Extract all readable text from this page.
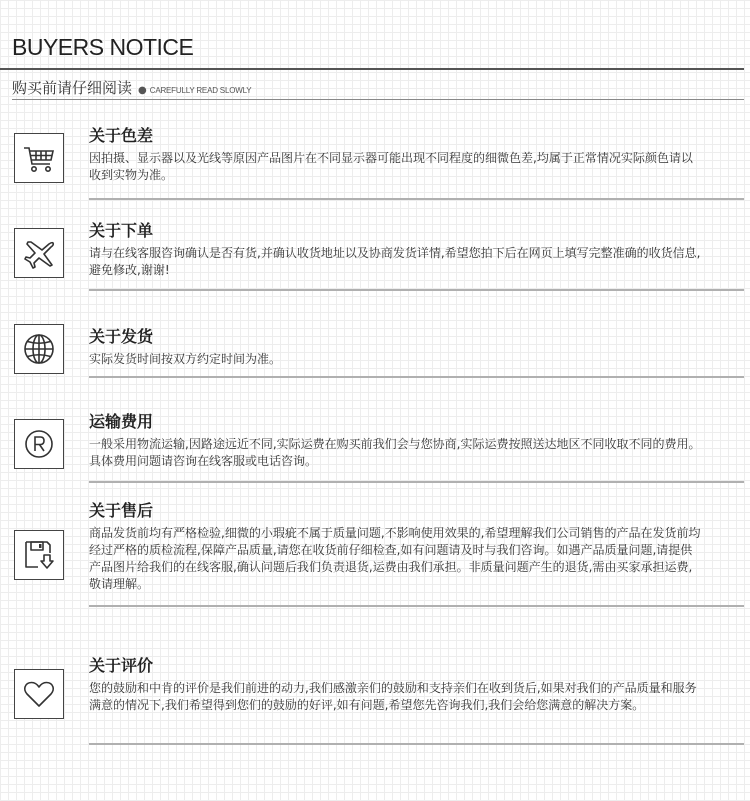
BUYERS NOTICE
购买前请仔细阅读 ● CAREFULLY READ SLOWLY
关于色差
因拍摄、显示器以及光线等原因产品图片在不同显示器可能出现不同程度的细微色差,均属于正常情况实际颜色请以收到实物为准。
关于下单
请与在线客服咨询确认是否有货,并确认收货地址以及协商发货详情,希望您拍下后在网页上填写完整准确的收货信息,避免修改,谢谢!
关于发货
实际发货时间按双方约定时间为准。
运输费用
一般采用物流运输,因路途远近不同,实际运费在购买前我们会与您协商,实际运费按照送达地区不同收取不同的费用。具体费用问题请咨询在线客服或电话咨询。
关于售后
商品发货前均有严格检验,细微的小瑕疵不属于质量问题,不影响使用效果的,希望理解我们公司销售的产品在发货前均经过严格的质检流程,保障产品质量,请您在收货前仔细检查,如有问题请及时与我们咨询。如遇产品质量问题,请提供 产品图片给我们的在线客服,确认问题后我们负责退货,运费由我们承担。非质量问题产生的退货,需由买家承担运费,敬请理解。
关于评价
您的鼓励和中肯的评价是我们前进的动力,我们感激亲们的鼓励和支持亲们在收到货后,如果对我们的产品质量和服务满意的情况下,我们希望得到您们的鼓励的好评,如有问题,希望您先咨询我们,我们会给您满意的解决方案。
